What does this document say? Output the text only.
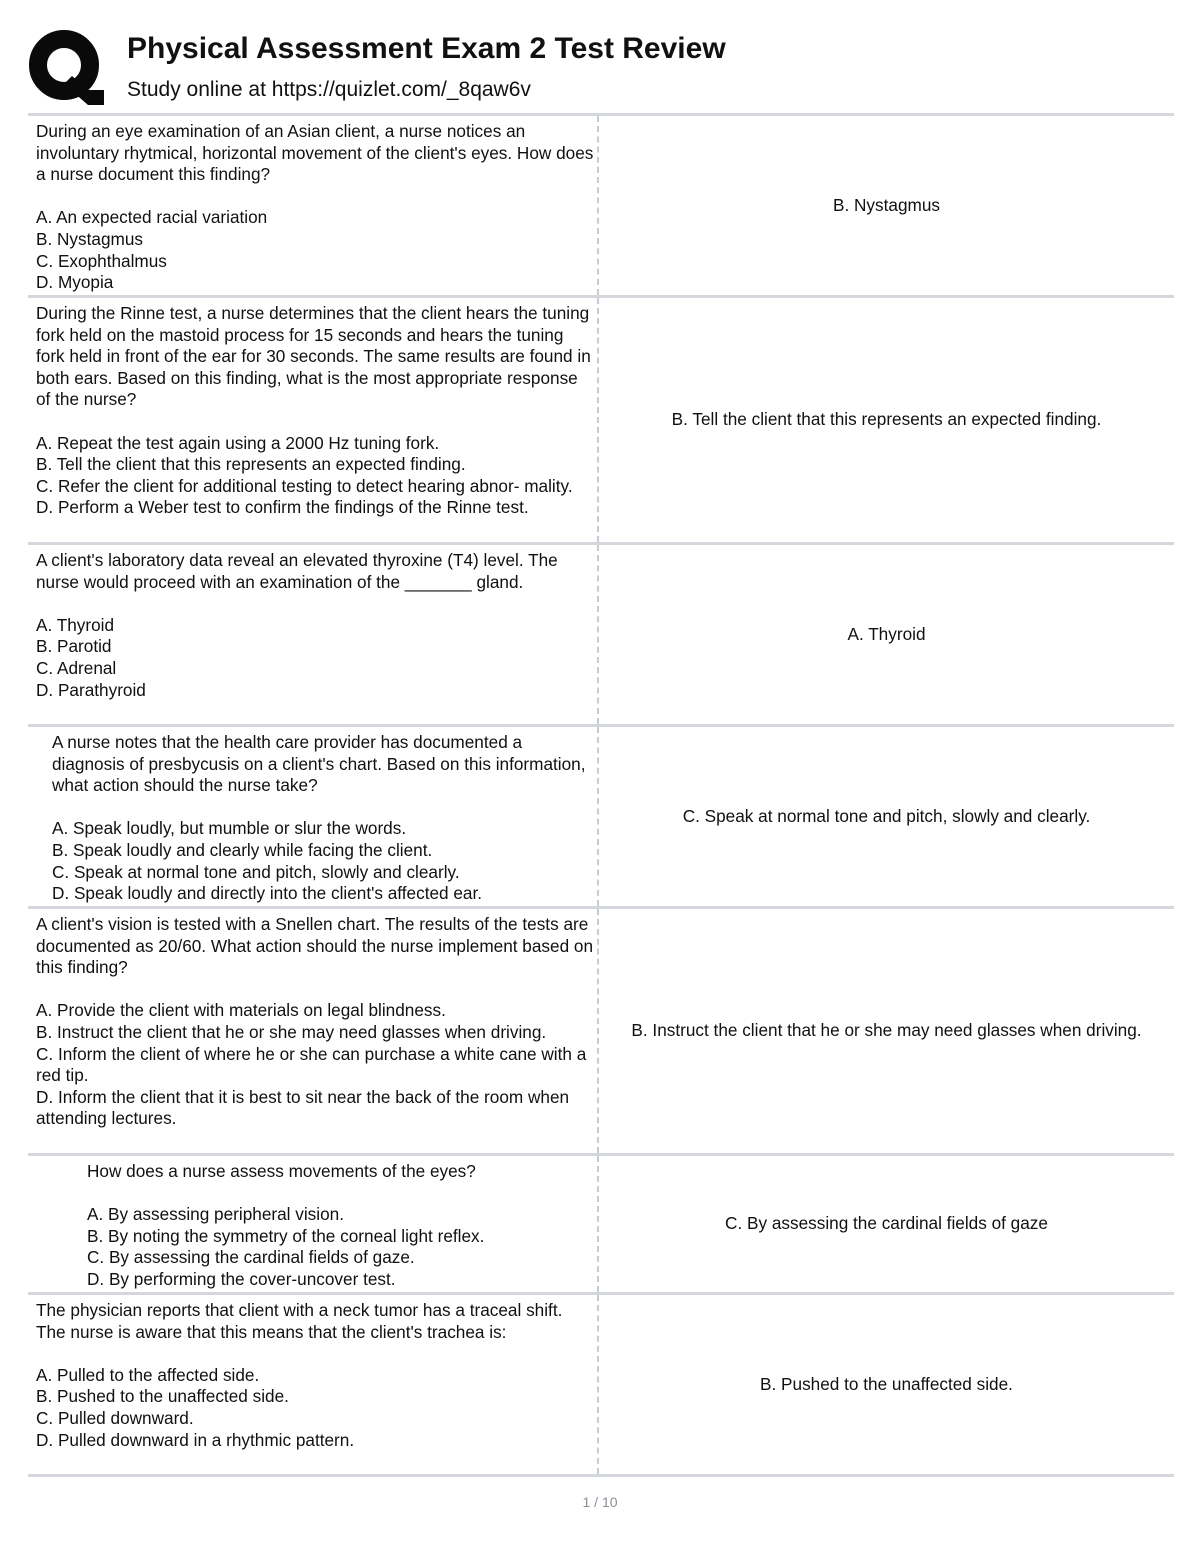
Physical Assessment Exam 2 Test Review

Study online at https://quizlet.com/_8qaw6v

During an eye examination of an Asian client, a nurse notices an involuntary rhytmical, horizontal movement of the client's eyes. How does a nurse document this finding?

A. An expected racial variation
B. Nystagmus
C. Exophthalmus
D. Myopia
B. Nystagmus

During the Rinne test, a nurse determines that the client hears the tuning fork held on the mastoid process for 15 seconds and hears the tuning fork held in front of the ear for 30 seconds. The same results are found in both ears. Based on this finding, what is the most appropriate response of the nurse?

A. Repeat the test again using a 2000 Hz tuning fork.
B. Tell the client that this represents an expected finding.
C. Refer the client for additional testing to detect hearing abnor- mality.
D. Perform a Weber test to confirm the findings of the Rinne test.
B. Tell the client that this represents an expected finding.

A client's laboratory data reveal an elevated thyroxine (T4) level. The nurse would proceed with an examination of the _______ gland.

A. Thyroid
B. Parotid
C. Adrenal
D. Parathyroid
A. Thyroid

A nurse notes that the health care provider has documented a diagnosis of presbycusis on a client's chart. Based on this information, what action should the nurse take?

A. Speak loudly, but mumble or slur the words.
B. Speak loudly and clearly while facing the client.
C. Speak at normal tone and pitch, slowly and clearly.
D. Speak loudly and directly into the client's affected ear.
C. Speak at normal tone and pitch, slowly and clearly.

A client's vision is tested with a Snellen chart. The results of the tests are documented as 20/60. What action should the nurse implement based on this finding?

A. Provide the client with materials on legal blindness.
B. Instruct the client that he or she may need glasses when driving.
C. Inform the client of where he or she can purchase a white cane with a red tip.
D. Inform the client that it is best to sit near the back of the room when attending lectures.
B. Instruct the client that he or she may need glasses when driving.

How does a nurse assess movements of the eyes?

A. By assessing peripheral vision.
B. By noting the symmetry of the corneal light reflex.
C. By assessing the cardinal fields of gaze.
D. By performing the cover-uncover test.
C. By assessing the cardinal fields of gaze

The physician reports that client with a neck tumor has a traceal shift. The nurse is aware that this means that the client's trachea is:

A. Pulled to the affected side.
B. Pushed to the unaffected side.
C. Pulled downward.
D. Pulled downward in a rhythmic pattern.
B. Pushed to the unaffected side.
1 / 10
